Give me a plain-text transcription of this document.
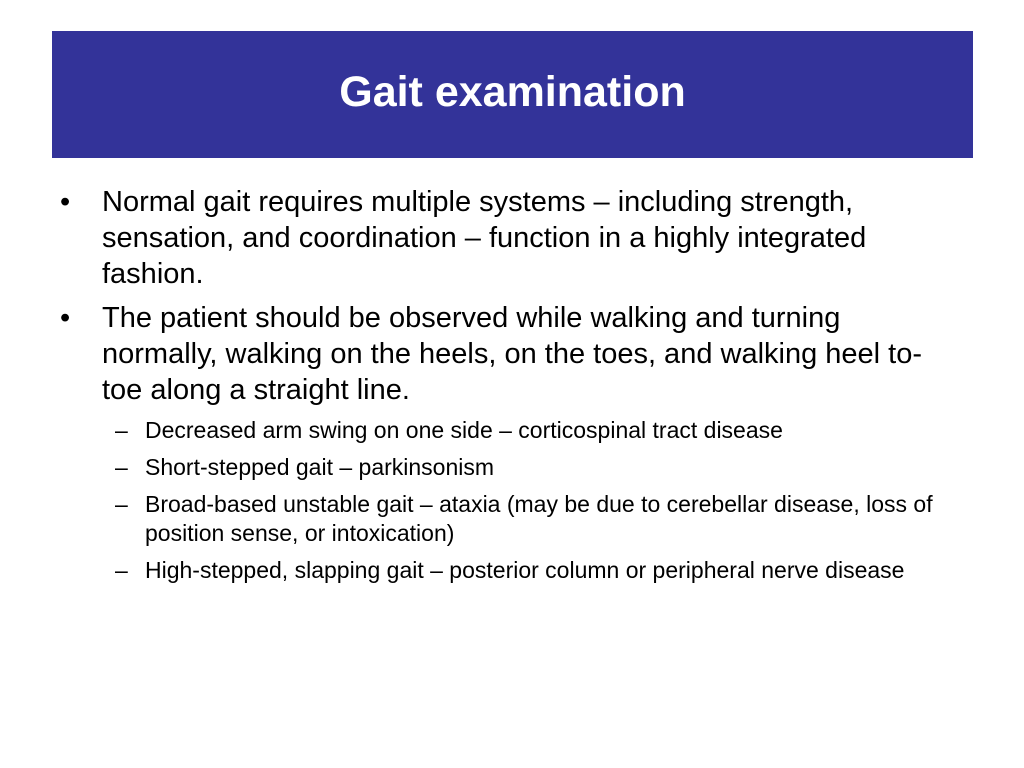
Gait examination
•	Normal gait requires multiple systems – including strength, sensation, and coordination – function in a highly integrated fashion.
•	The patient should be observed while walking and turning normally, walking on the heels, on the toes, and walking heel to-toe along a straight line.
– Decreased arm swing on one side – corticospinal tract disease
– Short-stepped gait – parkinsonism
– Broad-based unstable gait – ataxia (may be due to cerebellar disease, loss of position sense, or intoxication)
– High-stepped, slapping gait – posterior column or peripheral nerve disease
